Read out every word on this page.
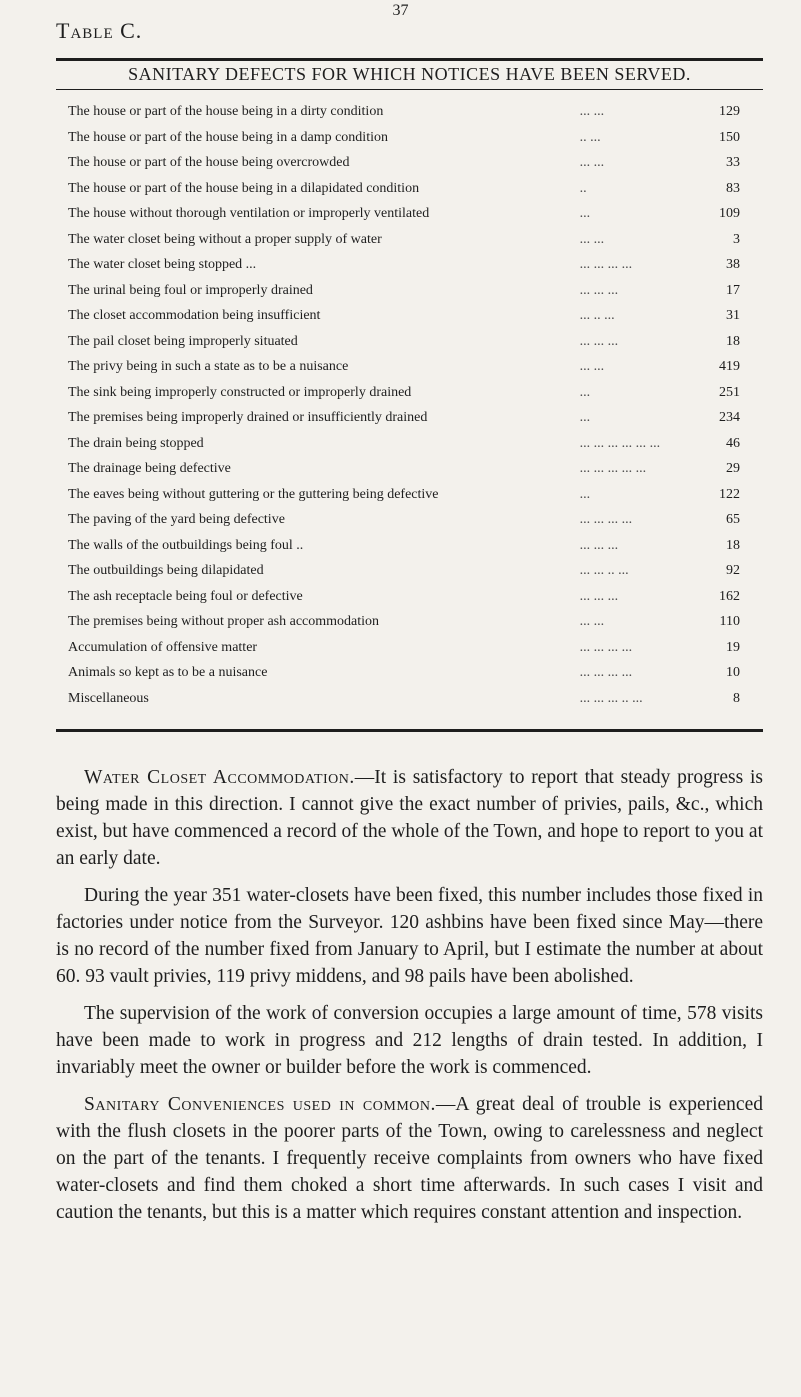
37
Table C.
SANITARY DEFECTS FOR WHICH NOTICES HAVE BEEN SERVED.
The house or part of the house being in a dirty condition	... ...	129
The house or part of the house being in a damp condition	.. ...	150
The house or part of the house being overcrowded	... ...	33
The house or part of the house being in a dilapidated condition	..	83
The house without thorough ventilation or improperly ventilated	...	109
The water closet being without a proper supply of water	... ...	3
The water closet being stopped ...	... ... ... ...	38
The urinal being foul or improperly drained	... ... ...	17
The closet accommodation being insufficient	... .. ...	31
The pail closet being improperly situated	... ... ...	18
The privy being in such a state as to be a nuisance	... ...	419
The sink being improperly constructed or improperly drained	...	251
The premises being improperly drained or insufficiently drained	...	234
The drain being stopped	... ... ... ... ... ...	46
The drainage being defective	... ... ... ... ...	29
The eaves being without guttering or the guttering being defective	...	122
The paving of the yard being defective	... ... ... ...	65
The walls of the outbuildings being foul ..	... ... ...	18
The outbuildings being dilapidated	... ... .. ...	92
The ash receptacle being foul or defective	... ... ...	162
The premises being without proper ash accommodation	... ...	110
Accumulation of offensive matter	... ... ... ...	19
Animals so kept as to be a nuisance	... ... ... ...	10
Miscellaneous	... ... ... .. ...	8

Water Closet Accommodation.—It is satisfactory to report that steady progress is being made in this direction. I cannot give the exact number of privies, pails, &c., which exist, but have commenced a record of the whole of the Town, and hope to report to you at an early date.

During the year 351 water-closets have been fixed, this number includes those fixed in factories under notice from the Surveyor. 120 ashbins have been fixed since May—there is no record of the number fixed from January to April, but I estimate the number at about 60. 93 vault privies, 119 privy middens, and 98 pails have been abolished.

The supervision of the work of conversion occupies a large amount of time, 578 visits have been made to work in progress and 212 lengths of drain tested. In addition, I invariably meet the owner or builder before the work is commenced.

Sanitary Conveniences used in common.—A great deal of trouble is experienced with the flush closets in the poorer parts of the Town, owing to carelessness and neglect on the part of the tenants. I frequently receive complaints from owners who have fixed water-closets and find them choked a short time afterwards. In such cases I visit and caution the tenants, but this is a matter which requires constant attention and inspection.
